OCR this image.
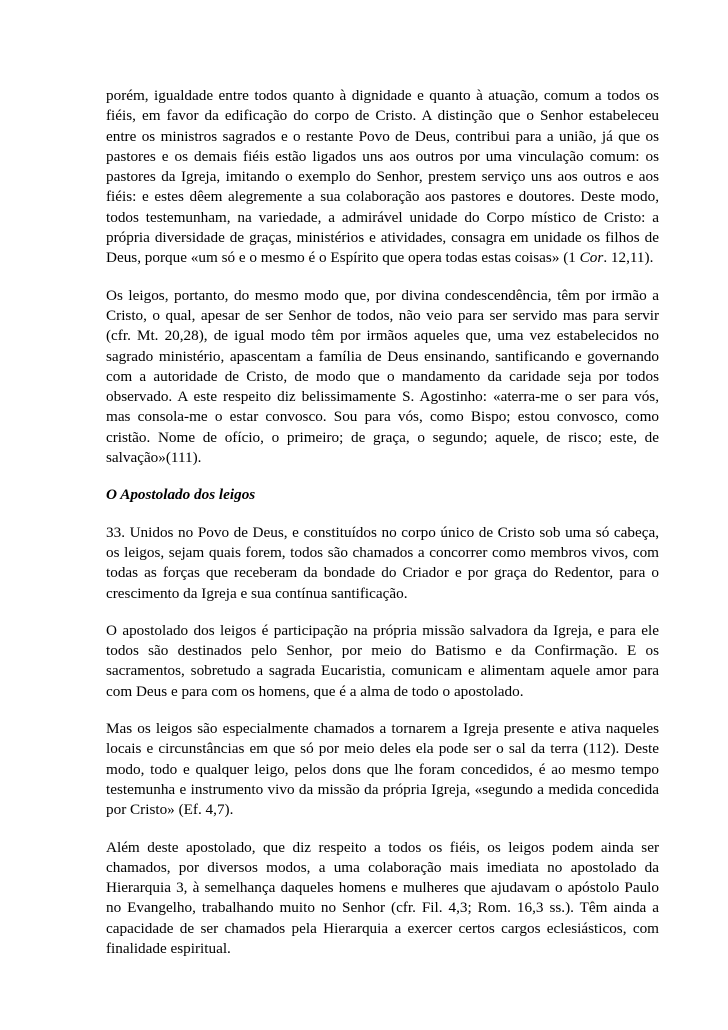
porém, igualdade entre todos quanto à dignidade e quanto à atuação, comum a todos os fiéis, em favor da edificação do corpo de Cristo. A distinção que o Senhor estabeleceu entre os ministros sagrados e o restante Povo de Deus, contribui para a união, já que os pastores e os demais fiéis estão ligados uns aos outros por uma vinculação comum: os pastores da Igreja, imitando o exemplo do Senhor, prestem serviço uns aos outros e aos fiéis: e estes dêem alegremente a sua colaboração aos pastores e doutores. Deste modo, todos testemunham, na variedade, a admirável unidade do Corpo místico de Cristo: a própria diversidade de graças, ministérios e atividades, consagra em unidade os filhos de Deus, porque «um só e o mesmo é o Espírito que opera todas estas coisas» (1 Cor. 12,11).

Os leigos, portanto, do mesmo modo que, por divina condescendência, têm por irmão a Cristo, o qual, apesar de ser Senhor de todos, não veio para ser servido mas para servir (cfr. Mt. 20,28), de igual modo têm por irmãos aqueles que, uma vez estabelecidos no sagrado ministério, apascentam a família de Deus ensinando, santificando e governando com a autoridade de Cristo, de modo que o mandamento da caridade seja por todos observado. A este respeito diz belissimamente S. Agostinho: «aterra-me o ser para vós, mas consola-me o estar convosco. Sou para vós, como Bispo; estou convosco, como cristão. Nome de ofício, o primeiro; de graça, o segundo; aquele, de risco; este, de salvação»(111).

O Apostolado dos leigos

33. Unidos no Povo de Deus, e constituídos no corpo único de Cristo sob uma só cabeça, os leigos, sejam quais forem, todos são chamados a concorrer como membros vivos, com todas as forças que receberam da bondade do Criador e por graça do Redentor, para o crescimento da Igreja e sua contínua santificação.

O apostolado dos leigos é participação na própria missão salvadora da Igreja, e para ele todos são destinados pelo Senhor, por meio do Batismo e da Confirmação. E os sacramentos, sobretudo a sagrada Eucaristia, comunicam e alimentam aquele amor para com Deus e para com os homens, que é a alma de todo o apostolado.

Mas os leigos são especialmente chamados a tornarem a Igreja presente e ativa naqueles locais e circunstâncias em que só por meio deles ela pode ser o sal da terra (112). Deste modo, todo e qualquer leigo, pelos dons que lhe foram concedidos, é ao mesmo tempo testemunha e instrumento vivo da missão da própria Igreja, «segundo a medida concedida por Cristo» (Ef. 4,7).

Além deste apostolado, que diz respeito a todos os fiéis, os leigos podem ainda ser chamados, por diversos modos, a uma colaboração mais imediata no apostolado da Hierarquia 3, à semelhança daqueles homens e mulheres que ajudavam o apóstolo Paulo no Evangelho, trabalhando muito no Senhor (cfr. Fil. 4,3; Rom. 16,3 ss.). Têm ainda a capacidade de ser chamados pela Hierarquia a exercer certos cargos eclesiásticos, com finalidade espiritual.
